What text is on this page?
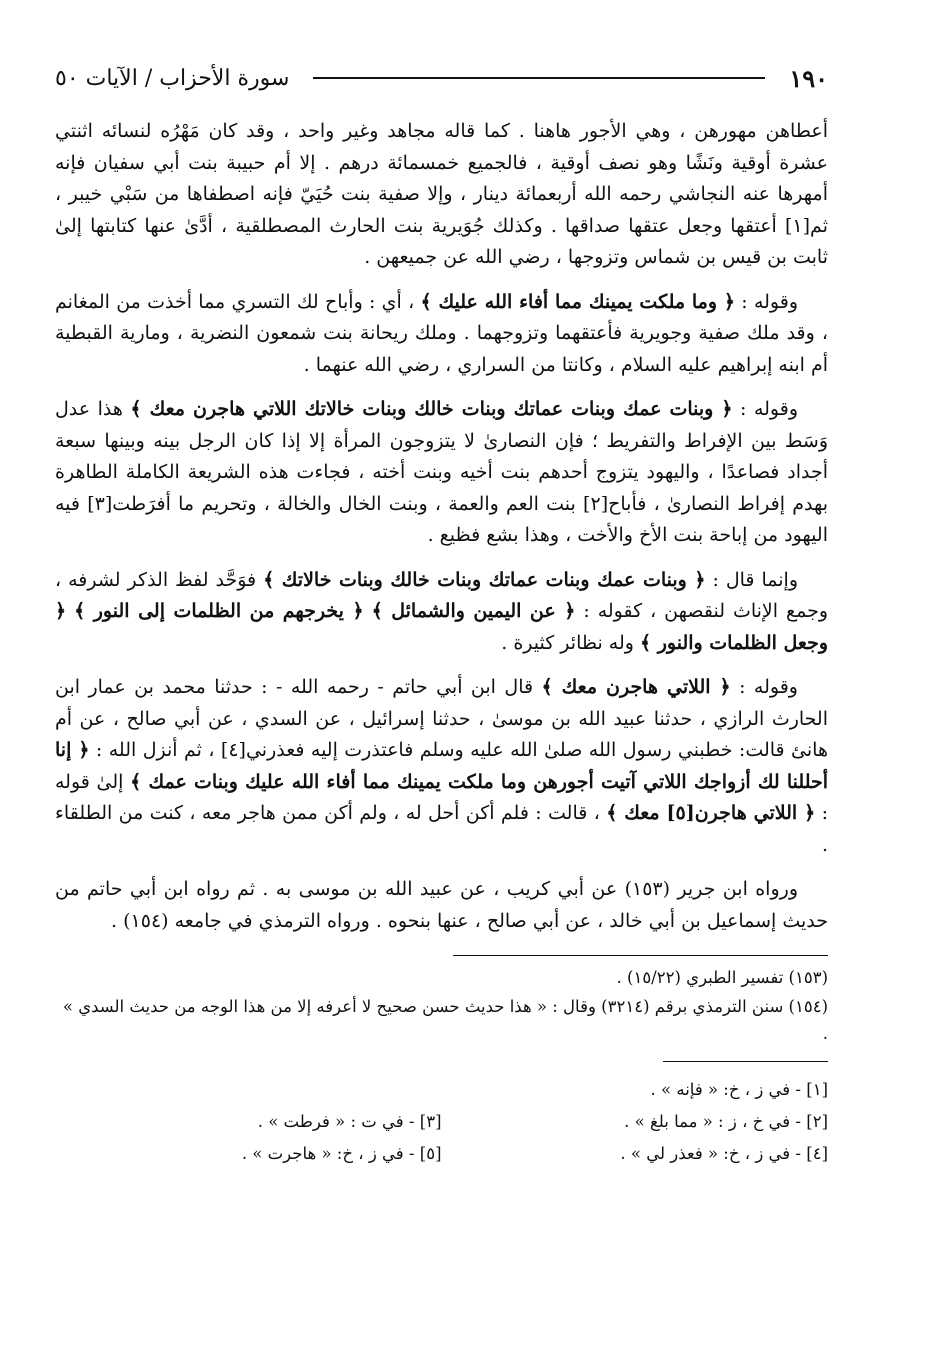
١٩٠
سورة الأحزاب / الآيات ٥٠

أعطاهن مهورهن ، وهي الأجور هاهنا . كما قاله مجاهد وغير واحد ، وقد كان مَهْرُه لنسائه اثنتي عشرة أوقية ونَشًا وهو نصف أوقية ، فالجميع خمسمائة درهم . إلا أم حبيبة بنت أبي سفيان فإنه أمهرها عنه النجاشي رحمه الله أربعمائة دينار ، وإلا صفية بنت حُيَيّ فإنه اصطفاها من سَبْي خيبر ، ثم[١] أعتقها وجعل عتقها صداقها . وكذلك جُوَيرية بنت الحارث المصطلقية ، أدَّىٰ عنها كتابتها إلىٰ ثابت بن قيس بن شماس وتزوجها ، رضي الله عن جميعهن .

وقوله : ﴿ وما ملكت يمينك مما أفاء الله عليك ﴾ ، أي : وأباح لك التسري مما أخذت من المغانم ، وقد ملك صفية وجويرية فأعتقهما وتزوجهما . وملك ريحانة بنت شمعون النضرية ، ومارية القبطية أم ابنه إبراهيم عليه السلام ، وكانتا من السراري ، رضي الله عنهما .

وقوله : ﴿ وبنات عمك وبنات عماتك وبنات خالك وبنات خالاتك اللاتي هاجرن معك ﴾ هذا عدل وَسَط بين الإفراط والتفريط ؛ فإن النصارىٰ لا يتزوجون المرأة إلا إذا كان الرجل بينه وبينها سبعة أجداد فصاعدًا ، واليهود يتزوج أحدهم بنت أخيه وبنت أخته ، فجاءت هذه الشريعة الكاملة الطاهرة بهدم إفراط النصارىٰ ، فأباح[٢] بنت العم والعمة ، وبنت الخال والخالة ، وتحريم ما أفرَطت[٣] فيه اليهود من إباحة بنت الأخ والأخت ، وهذا بشع فظيع .

وإنما قال : ﴿ وبنات عمك وبنات عماتك وبنات خالك وبنات خالاتك ﴾ فوَحَّد لفظ الذكر لشرفه ، وجمع الإناث لنقصهن ، كقوله : ﴿ عن اليمين والشمائل ﴾ ﴿ يخرجهم من الظلمات إلى النور ﴾ ﴿ وجعل الظلمات والنور ﴾ وله نظائر كثيرة .

وقوله : ﴿ اللاتي هاجرن معك ﴾ قال ابن أبي حاتم - رحمه الله - : حدثنا محمد بن عمار ابن الحارث الرازي ، حدثنا عبيد الله بن موسىٰ ، حدثنا إسرائيل ، عن السدي ، عن أبي صالح ، عن أم هانئ قالت: خطبني رسول الله صلىٰ الله عليه وسلم فاعتذرت إليه فعذرني[٤] ، ثم أنزل الله : ﴿ إنا أحللنا لك أزواجك اللاتي آتيت أجورهن وما ملكت يمينك مما أفاء الله عليك وبنات عمك ﴾ إلىٰ قوله : ﴿ اللاتي هاجرن[٥] معك ﴾ ، قالت : فلم أكن أحل له ، ولم أكن ممن هاجر معه ، كنت من الطلقاء .

ورواه ابن جرير (١٥٣) عن أبي كريب ، عن عبيد الله بن موسى به . ثم رواه ابن أبي حاتم من حديث إسماعيل بن أبي خالد ، عن أبي صالح ، عنها بنحوه . ورواه الترمذي في جامعه (١٥٤) .

(١٥٣) تفسير الطبري (١٥/٢٢) .

(١٥٤) سنن الترمذي برقم (٣٢١٤) وقال : « هذا حديث حسن صحيح لا أعرفه إلا من هذا الوجه من حديث السدي » .

[١] - في ز ، خ: « فإنه » .
[٢] - في خ ، ز : « مما بلغ » .
[٣] - في ت : « فرطت » .
[٤] - في ز ، خ: « فعذر لي » .
[٥] - في ز ، خ: « هاجرت » .
